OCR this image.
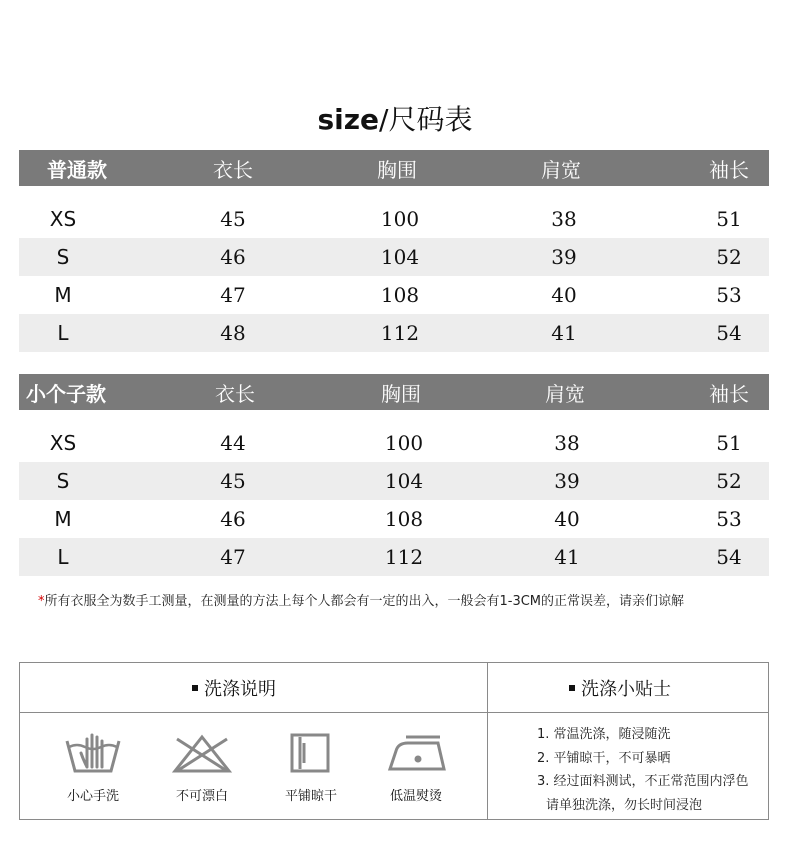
size/尺码表
普通款	衣长	胸围	肩宽	袖长
XS	45	100	38	51
S	46	104	39	52
M	47	108	40	53
L	48	112	41	54
小个子款	衣长	胸围	肩宽	袖长
XS	44	100	38	51
S	45	104	39	52
M	46	108	40	53
L	47	112	41	54
*所有衣服全为数手工测量，在测量的方法上每个人都会有一定的出入，一般会有1-3CM的正常误差，请亲们谅解
洗涤说明	洗涤小贴士
小心手洗	不可漂白	平铺晾干	低温熨烫
1. 常温洗涤，随浸随洗
2. 平铺晾干，不可暴晒
3. 经过面料测试，不正常范围内浮色
请单独洗涤，勿长时间浸泡
